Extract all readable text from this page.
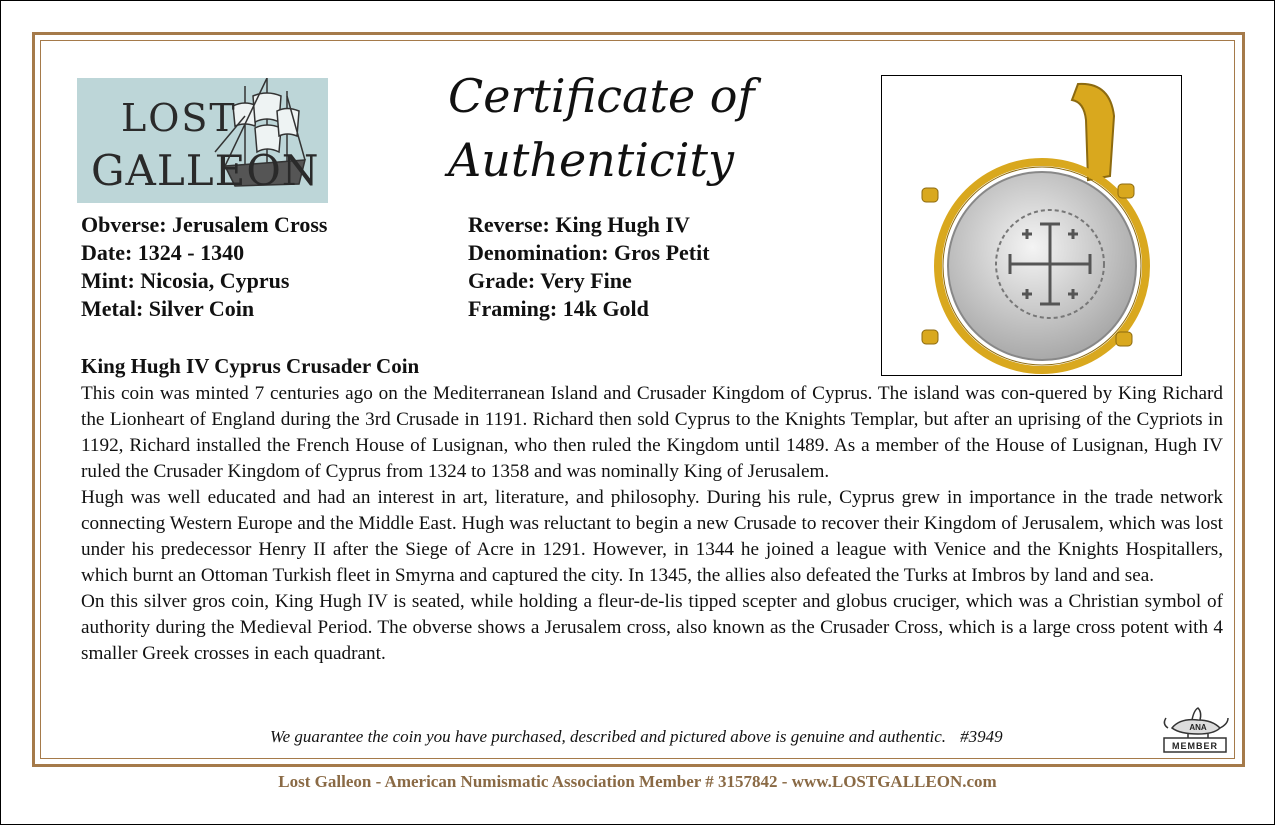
LOST
GALLEON
Certificate of
Authenticity
Obverse: Jerusalem Cross
Date: 1324 - 1340
Mint: Nicosia, Cyprus
Metal: Silver Coin
Reverse: King Hugh IV
Denomination: Gros Petit
Grade: Very Fine
Framing: 14k Gold
King Hugh IV Cyprus Crusader Coin

This coin was minted 7 centuries ago on the Mediterranean Island and Crusader Kingdom of Cyprus. The island was con-quered by King Richard the Lionheart of England during the 3rd Crusade in 1191. Richard then sold Cyprus to the Knights Templar, but after an uprising of the Cypriots in 1192, Richard installed the French House of Lusignan, who then ruled the Kingdom until 1489. As a member of the House of Lusignan, Hugh IV ruled the Crusader Kingdom of Cyprus from 1324 to 1358 and was nominally King of Jerusalem.

Hugh was well educated and had an interest in art, literature, and philosophy. During his rule, Cyprus grew in importance in the trade network connecting Western Europe and the Middle East. Hugh was reluctant to begin a new Crusade to recover their Kingdom of Jerusalem, which was lost under his predecessor Henry II after the Siege of Acre in 1291. However, in 1344 he joined a league with Venice and the Knights Hospitallers, which burnt an Ottoman Turkish fleet in Smyrna and captured the city. In 1345, the allies also defeated the Turks at Imbros by land and sea.

On this silver gros coin, King Hugh IV is seated, while holding a fleur-de-lis tipped scepter and globus cruciger, which was a Christian symbol of authority during the Medieval Period. The obverse shows a Jerusalem cross, also known as the Crusader Cross, which is a large cross potent with 4 smaller Greek crosses in each quadrant.

We guarantee the coin you have purchased, described and pictured above is genuine and authentic. #3949	ANA
MEMBER
Lost Galleon - American Numismatic Association Member # 3157842 - www.LOSTGALLEON.com
